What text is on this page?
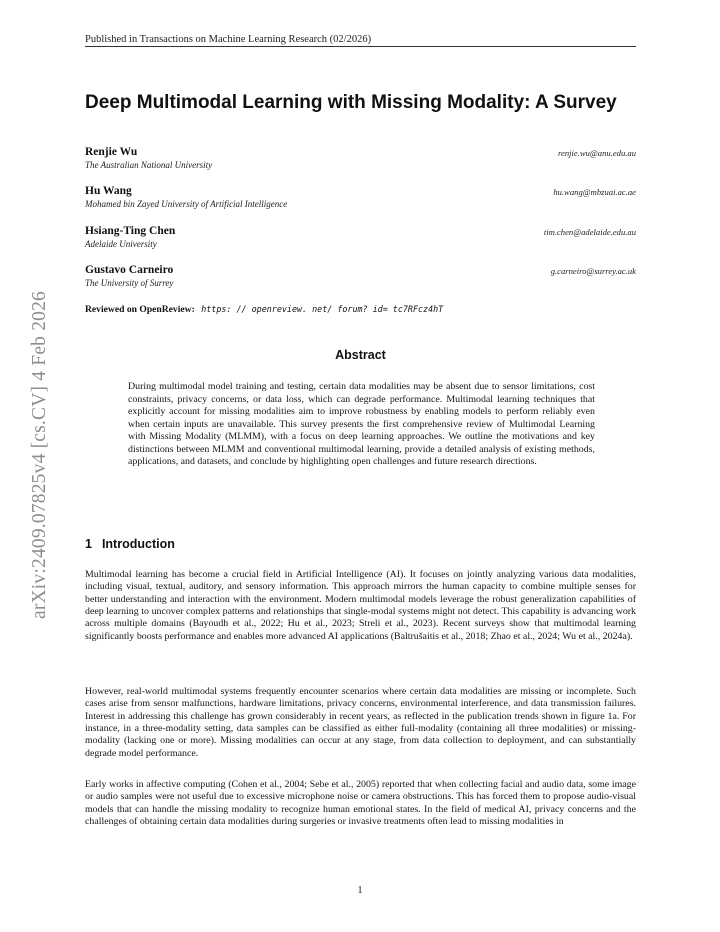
Published in Transactions on Machine Learning Research (02/2026)
Deep Multimodal Learning with Missing Modality: A Survey
Renjie Wu
The Australian National University
renjie.wu@anu.edu.au
Hu Wang
Mohamed bin Zayed University of Artificial Intelligence
hu.wang@mbzuai.ac.ae
Hsiang-Ting Chen
Adelaide University
tim.chen@adelaide.edu.au
Gustavo Carneiro
The University of Surrey
g.carneiro@surrey.ac.uk
Reviewed on OpenReview: https: // openreview. net/ forum? id= tc7RFcz4hT
arXiv:2409.07825v4 [cs.CV] 4 Feb 2026	Abstract
During multimodal model training and testing, certain data modalities may be absent due to sensor limitations, cost constraints, privacy concerns, or data loss, which can degrade performance. Multimodal learning techniques that explicitly account for missing modalities aim to improve robustness by enabling models to perform reliably even when certain inputs are unavailable. This survey presents the first comprehensive review of Multimodal Learning with Missing Modality (MLMM), with a focus on deep learning approaches. We outline the motivations and key distinctions between MLMM and conventional multimodal learning, provide a detailed analysis of existing methods, applications, and datasets, and conclude by highlighting open challenges and future research directions.
1 Introduction

Multimodal learning has become a crucial field in Artificial Intelligence (AI). It focuses on jointly analyzing various data modalities, including visual, textual, auditory, and sensory information. This approach mirrors the human capacity to combine multiple senses for better understanding and interaction with the environment. Modern multimodal models leverage the robust generalization capabilities of deep learning to uncover complex patterns and relationships that single-modal systems might not detect. This capability is advancing work across multiple domains (Bayoudh et al., 2022; Hu et al., 2023; Streli et al., 2023). Recent surveys show that multimodal learning significantly boosts performance and enables more advanced AI applications (Baltrušaitis et al., 2018; Zhao et al., 2024; Wu et al., 2024a).

However, real-world multimodal systems frequently encounter scenarios where certain data modalities are missing or incomplete. Such cases arise from sensor malfunctions, hardware limitations, privacy concerns, environmental interference, and data transmission failures. Interest in addressing this challenge has grown considerably in recent years, as reflected in the publication trends shown in figure 1a. For instance, in a three-modality setting, data samples can be classified as either full-modality (containing all three modalities) or missing-modality (lacking one or more). Missing modalities can occur at any stage, from data collection to deployment, and can substantially degrade model performance.

Early works in affective computing (Cohen et al., 2004; Sebe et al., 2005) reported that when collecting facial and audio data, some image or audio samples were not useful due to excessive microphone noise or camera obstructions. This has forced them to propose audio-visual models that can handle the missing modality to recognize human emotional states. In the field of medical AI, privacy concerns and the challenges of obtaining certain data modalities during surgeries or invasive treatments often lead to missing modalities in

1
